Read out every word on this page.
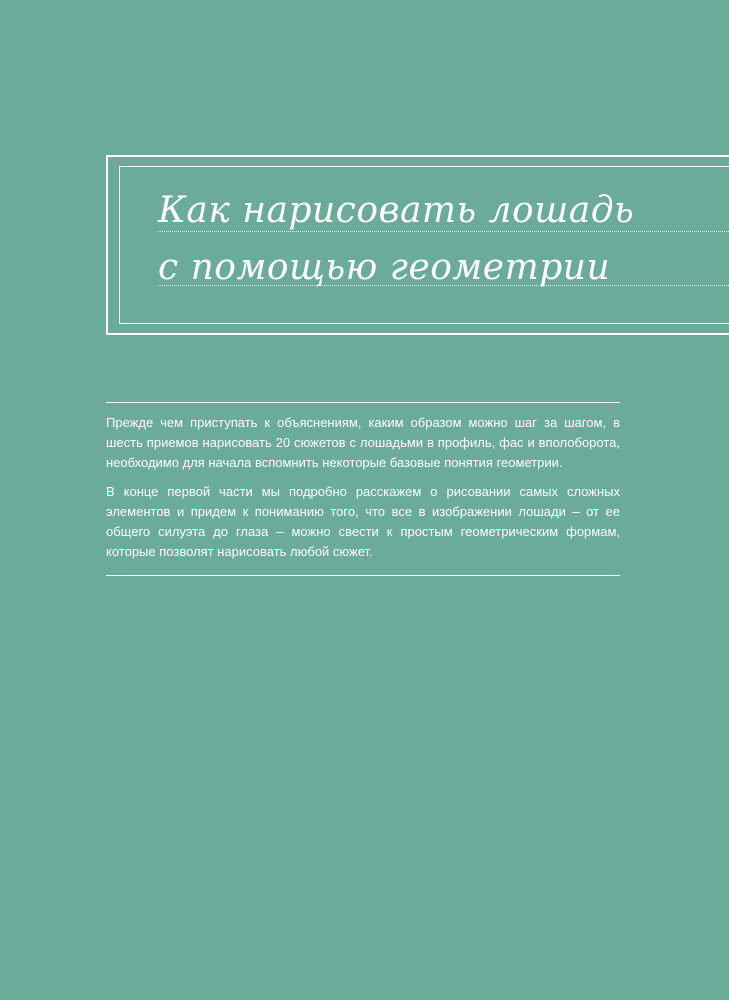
Как нарисовать лошадь
с помощью геометрии

Прежде чем приступать к объяснениям, каким образом можно шаг за шагом, в шесть приемов нарисовать 20 сюжетов с лошадьми в профиль, фас и вполоборота, необходимо для начала вспомнить некоторые базовые понятия геометрии.

В конце первой части мы подробно расскажем о рисовании самых сложных элементов и придем к пониманию того, что все в изображении лошади – от ее общего силуэта до глаза – можно свести к простым геометрическим формам, которые позволят нарисовать любой сюжет.
